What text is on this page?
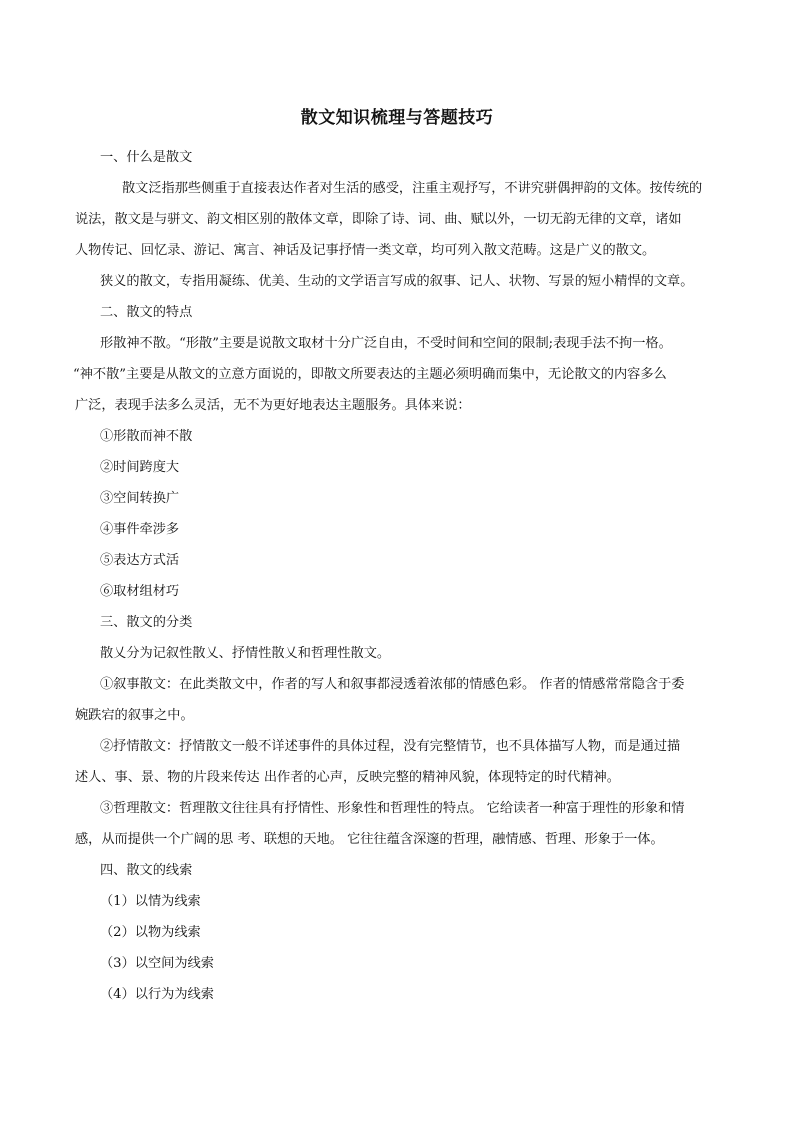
散文知识梳理与答题技巧

一、什么是散文

散文泛指那些侧重于直接表达作者对生活的感受，注重主观抒写，不讲究骈偶押韵的文体。按传统的

说法，散文是与骈文、韵文相区别的散体文章，即除了诗、词、曲、赋以外，一切无韵无律的文章，诸如

人物传记、回忆录、游记、寓言、神话及记事抒情一类文章，均可列入散文范畴。这是广义的散文。

狭义的散文，专指用凝练、优美、生动的文学语言写成的叙事、记人、状物、写景的短小精悍的文章。

二、散文的特点

形散神不散。“形散”主要是说散文取材十分广泛自由，不受时间和空间的限制;表现手法不拘一格。

“神不散”主要是从散文的立意方面说的，即散文所要表达的主题必须明确而集中，无论散文的内容多么

广泛，表现手法多么灵活，无不为更好地表达主题服务。具体来说：

①形散而神不散

②时间跨度大

③空间转换广

④事件牵涉多

⑤表达方式活

⑥取材组材巧

三、散文的分类

散乂分为记叙性散乂、抒情性散乂和哲理性散文。

①叙事散文：在此类散文中，作者的写人和叙事都浸透着浓郁的情感色彩。 作者的情感常常隐含于委

婉跌宕的叙事之中。

②抒情散文：抒情散文一般不详述事件的具体过程，没有完整情节，也不具体描写人物，而是通过描

述人、事、景、物的片段来传达 出作者的心声，反映完整的精神风貌，体现特定的时代精神。

③哲理散文：哲理散文往往具有抒情性、形象性和哲理性的特点。 它给读者一种富于理性的形象和情

感，从而提供一个广阔的思 考、联想的天地。 它往往蕴含深邃的哲理，融情感、哲理、形象于一体。

四、散文的线索

（1）以情为线索

（2）以物为线索

（3）以空间为线索

（4）以行为为线索
